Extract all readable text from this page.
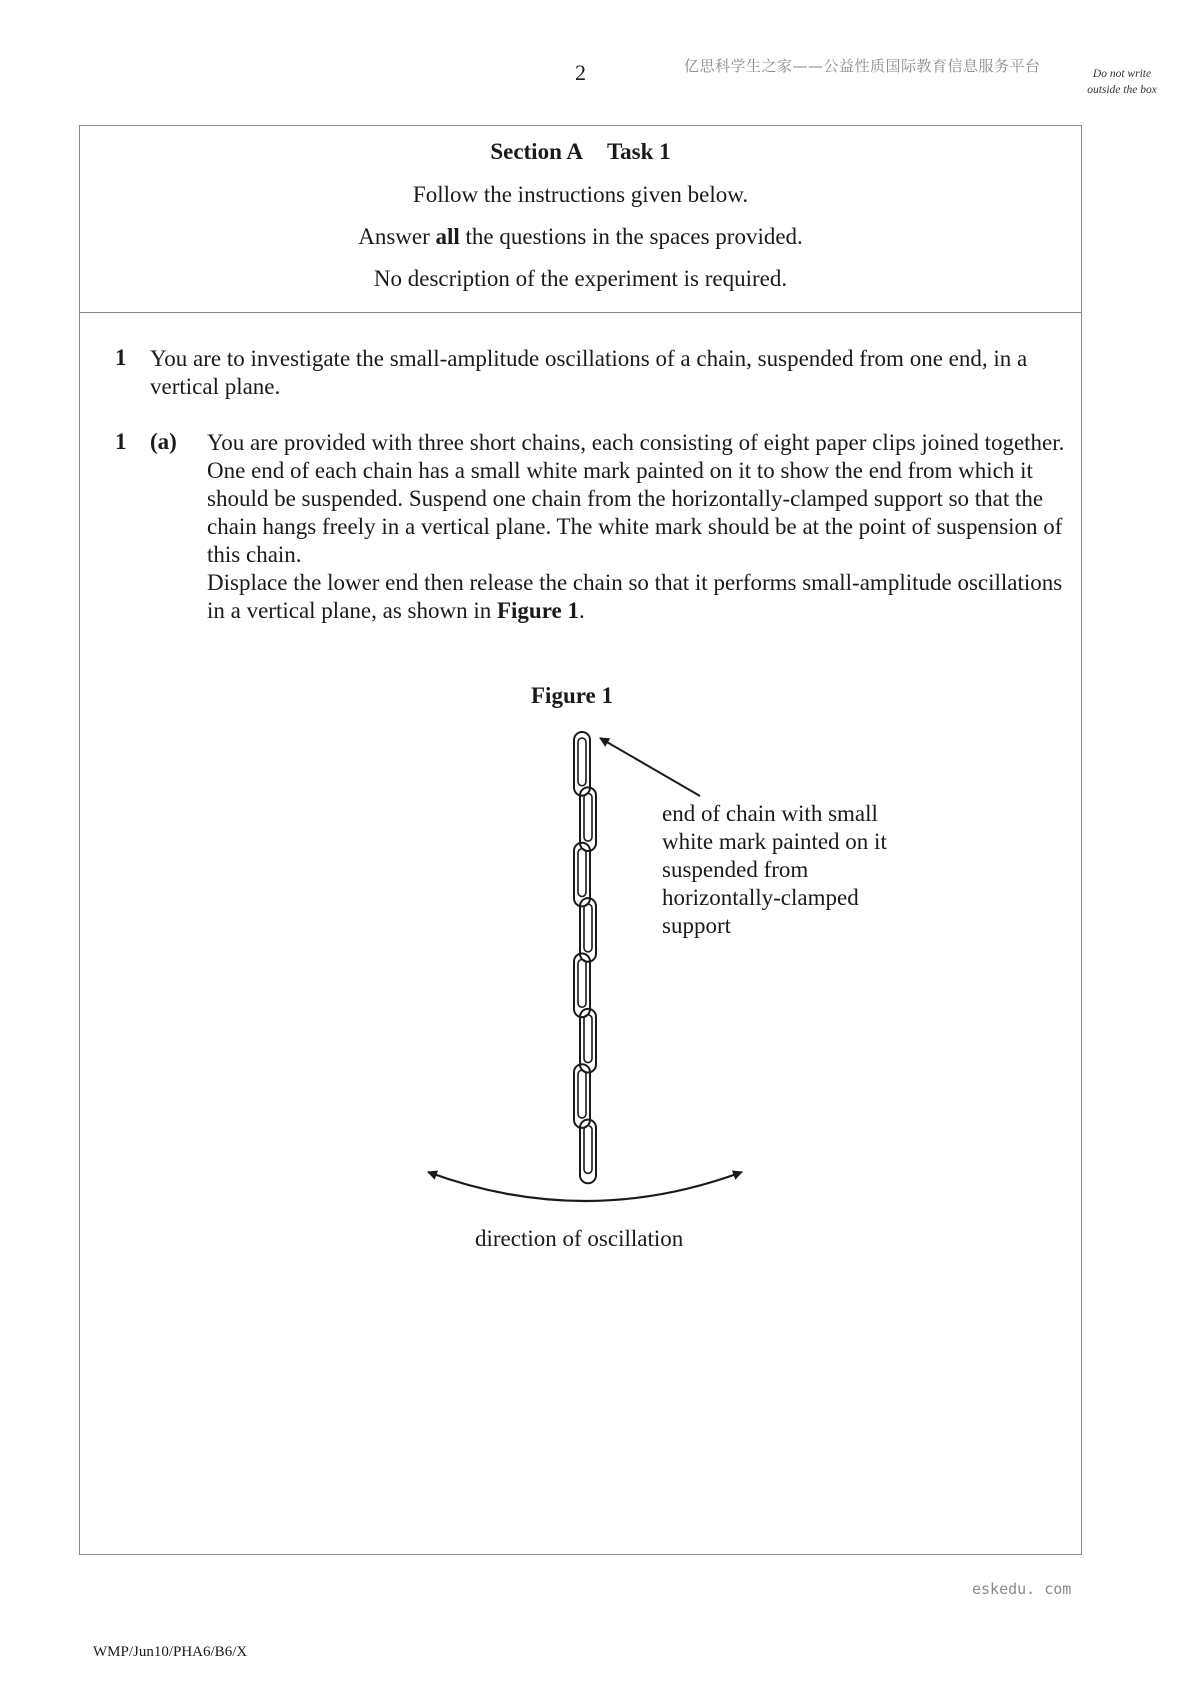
2	亿思科学生之家——公益性质国际教育信息服务平台	Do not write outside the box
Section A Task 1
Follow the instructions given below.
Answer all the questions in the spaces provided.
No description of the experiment is required.
1 You are to investigate the small-amplitude oscillations of a chain, suspended from one end, in a vertical plane.
1 (a) You are provided with three short chains, each consisting of eight paper clips joined together. One end of each chain has a small white mark painted on it to show the end from which it should be suspended. Suspend one chain from the horizontally-clamped support so that the chain hangs freely in a vertical plane. The white mark should be at the point of suspension of this chain.
Displace the lower end then release the chain so that it performs small-amplitude oscillations in a vertical plane, as shown in Figure 1.
Figure 1
end of chain with small white mark painted on it suspended from horizontally-clamped support
direction of oscillation
eskedu. com
WMP/Jun10/PHA6/B6/X
